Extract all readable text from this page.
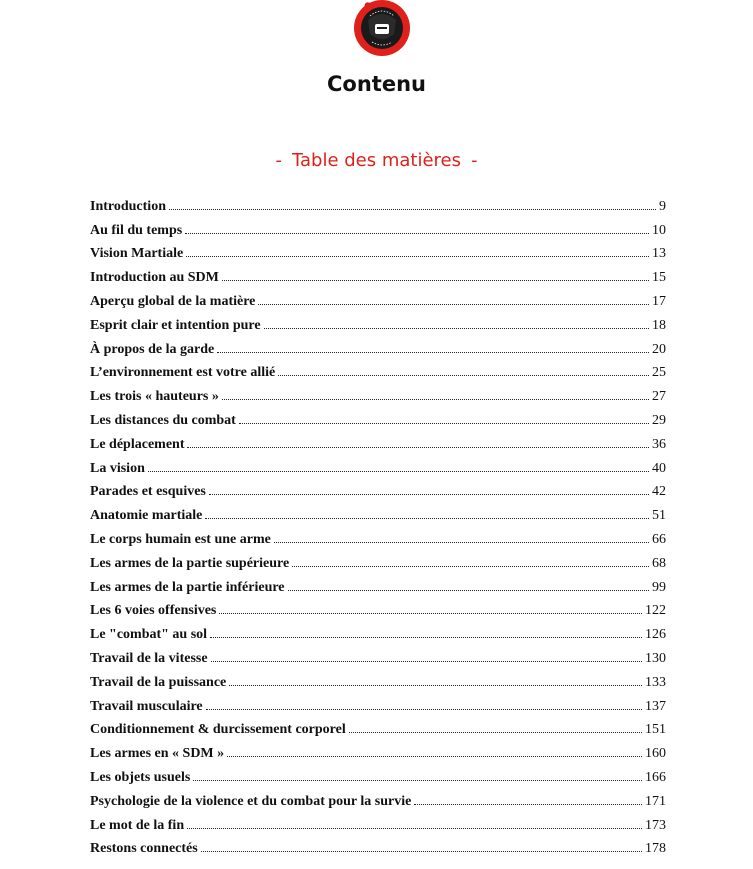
Contenu
- Table des matières -
Introduction	9
Au fil du temps	10
Vision Martiale	13
Introduction au SDM	15
Aperçu global de la matière	17
Esprit clair et intention pure	18
À propos de la garde	20
L’environnement est votre allié	25
Les trois « hauteurs »	27
Les distances du combat	29
Le déplacement	36
La vision	40
Parades et esquives	42
Anatomie martiale	51
Le corps humain est une arme	66
Les armes de la partie supérieure	68
Les armes de la partie inférieure	99
Les 6 voies offensives	122
Le "combat" au sol	126
Travail de la vitesse	130
Travail de la puissance	133
Travail musculaire	137
Conditionnement & durcissement corporel	151
Les armes en « SDM »	160
Les objets usuels	166
Psychologie de la violence et du combat pour la survie	171
Le mot de la fin	173
Restons connectés	178
